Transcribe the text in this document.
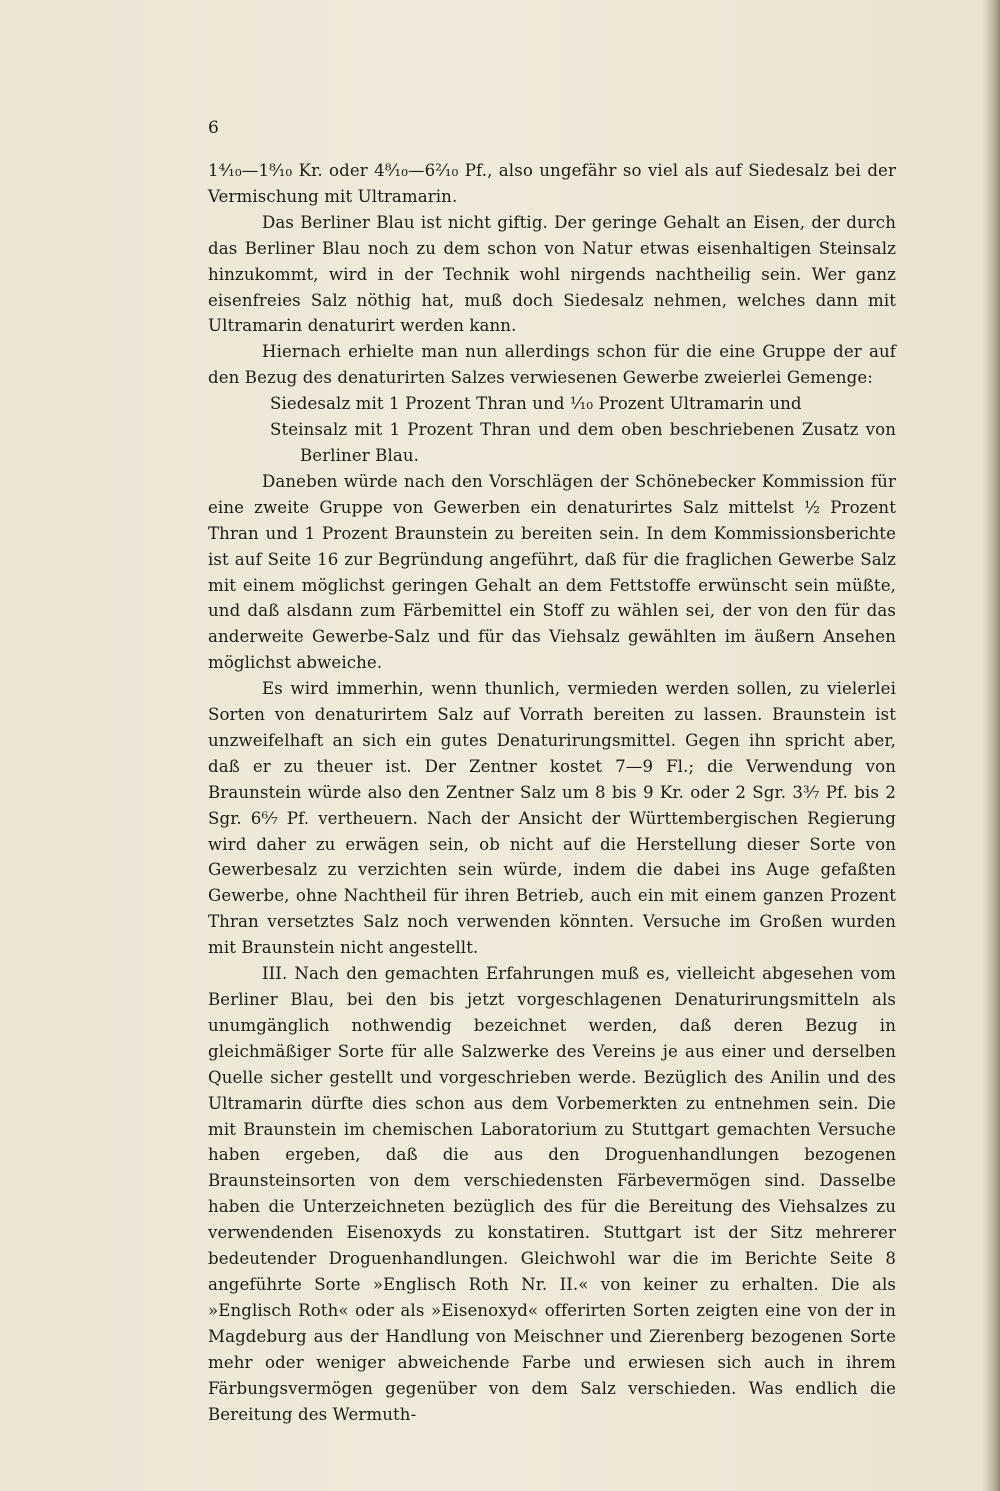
6

1⁴⁄₁₀—1⁸⁄₁₀ Kr. oder 4⁸⁄₁₀—6²⁄₁₀ Pf., also ungefähr so viel als auf Siedesalz bei der Vermischung mit Ultramarin.

Das Berliner Blau ist nicht giftig. Der geringe Gehalt an Eisen, der durch das Berliner Blau noch zu dem schon von Natur etwas eisenhaltigen Steinsalz hinzukommt, wird in der Technik wohl nirgends nachtheilig sein. Wer ganz eisenfreies Salz nöthig hat, muß doch Siedesalz nehmen, welches dann mit Ultramarin denaturirt werden kann.

Hiernach erhielte man nun allerdings schon für die eine Gruppe der auf den Bezug des denaturirten Salzes verwiesenen Gewerbe zweierlei Gemenge:

Siedesalz mit 1 Prozent Thran und ¹⁄₁₀ Prozent Ultramarin und

Steinsalz mit 1 Prozent Thran und dem oben beschriebenen Zusatz von Berliner Blau.

Daneben würde nach den Vorschlägen der Schönebecker Kommission für eine zweite Gruppe von Gewerben ein denaturirtes Salz mittelst ½ Prozent Thran und 1 Prozent Braunstein zu bereiten sein. In dem Kommissionsberichte ist auf Seite 16 zur Begründung angeführt, daß für die fraglichen Gewerbe Salz mit einem möglichst geringen Gehalt an dem Fettstoffe erwünscht sein müßte, und daß alsdann zum Färbemittel ein Stoff zu wählen sei, der von den für das anderweite Gewerbe-Salz und für das Viehsalz gewählten im äußern Ansehen möglichst abweiche.

Es wird immerhin, wenn thunlich, vermieden werden sollen, zu vielerlei Sorten von denaturirtem Salz auf Vorrath bereiten zu lassen. Braunstein ist unzweifelhaft an sich ein gutes Denaturirungsmittel. Gegen ihn spricht aber, daß er zu theuer ist. Der Zentner kostet 7—9 Fl.; die Verwendung von Braunstein würde also den Zentner Salz um 8 bis 9 Kr. oder 2 Sgr. 3³⁄₇ Pf. bis 2 Sgr. 6⁶⁄₇ Pf. vertheuern. Nach der Ansicht der Württembergischen Regierung wird daher zu erwägen sein, ob nicht auf die Herstellung dieser Sorte von Gewerbesalz zu verzichten sein würde, indem die dabei ins Auge gefaßten Gewerbe, ohne Nachtheil für ihren Betrieb, auch ein mit einem ganzen Prozent Thran versetztes Salz noch verwenden könnten. Versuche im Großen wurden mit Braunstein nicht angestellt.

III. Nach den gemachten Erfahrungen muß es, vielleicht abgesehen vom Berliner Blau, bei den bis jetzt vorgeschlagenen Denaturirungsmitteln als unumgänglich nothwendig bezeichnet werden, daß deren Bezug in gleichmäßiger Sorte für alle Salzwerke des Vereins je aus einer und derselben Quelle sicher gestellt und vorgeschrieben werde. Bezüglich des Anilin und des Ultramarin dürfte dies schon aus dem Vorbemerkten zu entnehmen sein. Die mit Braunstein im chemischen Laboratorium zu Stuttgart gemachten Versuche haben ergeben, daß die aus den Droguenhandlungen bezogenen Braunsteinsorten von dem verschiedensten Färbevermögen sind. Dasselbe haben die Unterzeichneten bezüglich des für die Bereitung des Viehsalzes zu verwendenden Eisenoxyds zu konstatiren. Stuttgart ist der Sitz mehrerer bedeutender Droguenhandlungen. Gleichwohl war die im Berichte Seite 8 angeführte Sorte »Englisch Roth Nr. II.« von keiner zu erhalten. Die als »Englisch Roth« oder als »Eisenoxyd« offerirten Sorten zeigten eine von der in Magdeburg aus der Handlung von Meischner und Zierenberg bezogenen Sorte mehr oder weniger abweichende Farbe und erwiesen sich auch in ihrem Färbungsvermögen gegenüber von dem Salz verschieden. Was endlich die Bereitung des Wermuth-
